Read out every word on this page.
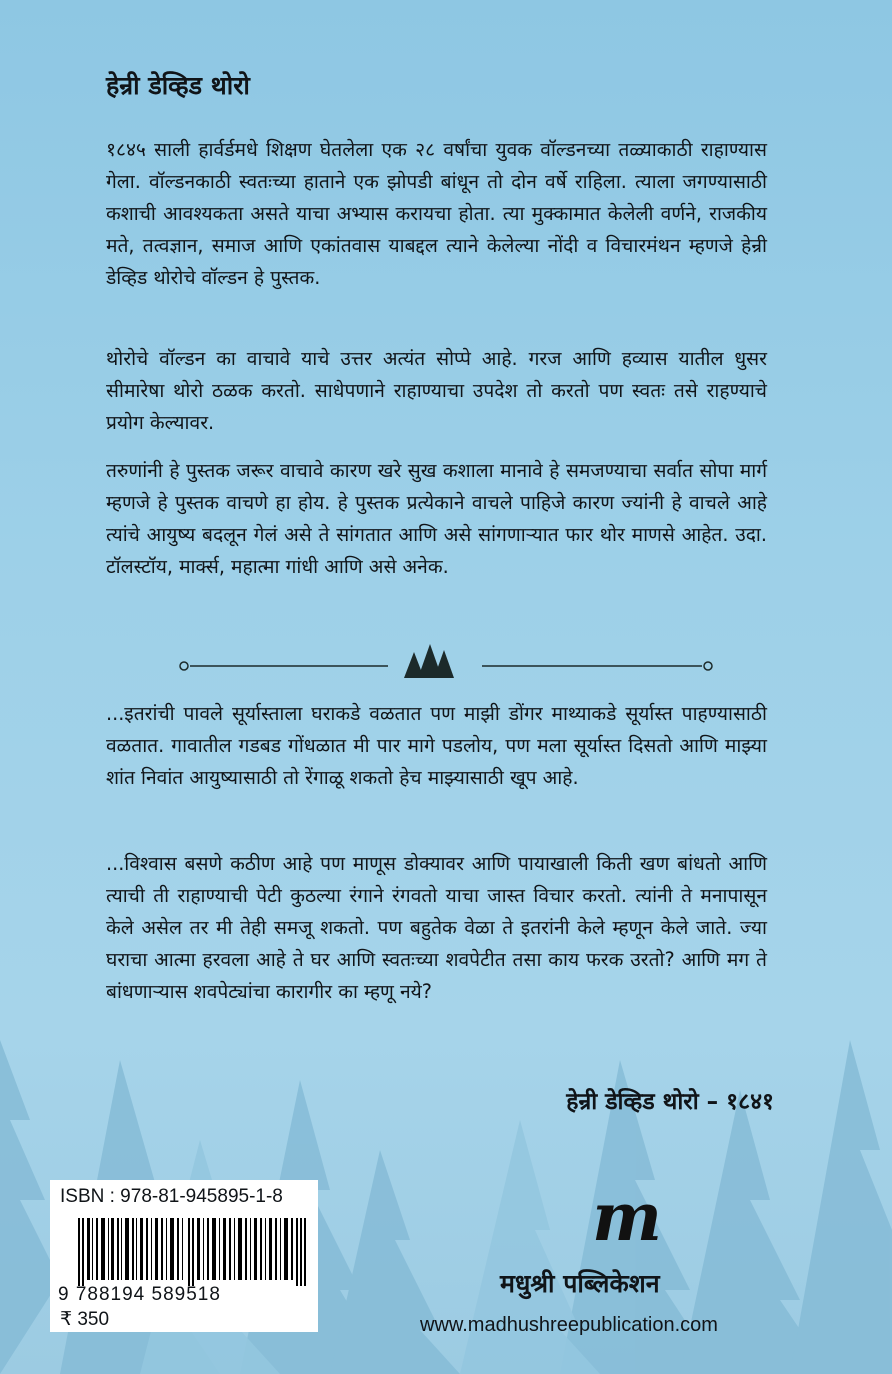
हेन्री डेव्हिड थोरो

१८४५ साली हार्वर्डमधे शिक्षण घेतलेला एक २८ वर्षांचा युवक वॉल्डनच्या तळ्याकाठी राहाण्यास गेला. वॉल्डनकाठी स्वतःच्या हाताने एक झोपडी बांधून तो दोन वर्षे राहिला. त्याला जगण्यासाठी कशाची आवश्यकता असते याचा अभ्यास करायचा होता. त्या मुक्कामात केलेली वर्णने, राजकीय मते, तत्वज्ञान, समाज आणि एकांतवास याबद्दल त्याने केलेल्या नोंदी व विचारमंथन म्हणजे हेन्री डेव्हिड थोरोचे वॉल्डन हे पुस्तक.

थोरोचे वॉल्डन का वाचावे याचे उत्तर अत्यंत सोप्पे आहे. गरज आणि हव्यास यातील धुसर सीमारेषा थोरो ठळक करतो. साधेपणाने राहाण्याचा उपदेश तो करतो पण स्वतः तसे राहण्याचे प्रयोग केल्यावर.

तरुणांनी हे पुस्तक जरूर वाचावे कारण खरे सुख कशाला मानावे हे समजण्याचा सर्वात सोपा मार्ग म्हणजे हे पुस्तक वाचणे हा होय. हे पुस्तक प्रत्येकाने वाचले पाहिजे कारण ज्यांनी हे वाचले आहे त्यांचे आयुष्य बदलून गेलं असे ते सांगतात आणि असे सांगणाऱ्यात फार थोर माणसे आहेत. उदा. टॉलस्टॉय, मार्क्स, महात्मा गांधी आणि असे अनेक.

...इतरांची पावले सूर्यास्ताला घराकडे वळतात पण माझी डोंगर माथ्याकडे सूर्यास्त पाहण्यासाठी वळतात. गावातील गडबड गोंधळात मी पार मागे पडलोय, पण मला सूर्यास्त दिसतो आणि माझ्या शांत निवांत आयुष्यासाठी तो रेंगाळू शकतो हेच माझ्यासाठी खूप आहे.

...विश्वास बसणे कठीण आहे पण माणूस डोक्यावर आणि पायाखाली किती खण बांधतो आणि त्याची ती राहाण्याची पेटी कुठल्या रंगाने रंगवतो याचा जास्त विचार करतो. त्यांनी ते मनापासून केले असेल तर मी तेही समजू शकतो. पण बहुतेक वेळा ते इतरांनी केले म्हणून केले जाते. ज्या घराचा आत्मा हरवला आहे ते घर आणि स्वतःच्या शवपेटीत तसा काय फरक उरतो? आणि मग ते बांधणाऱ्यास शवपेट्यांचा कारागीर का म्हणू नये?

हेन्री डेव्हिड थोरो – १८४१

ISBN : 978-81-945895-1-8
9 788194 589518
₹ 350
m

मधुश्री पब्लिकेशन

www.madhushreepublication.com
